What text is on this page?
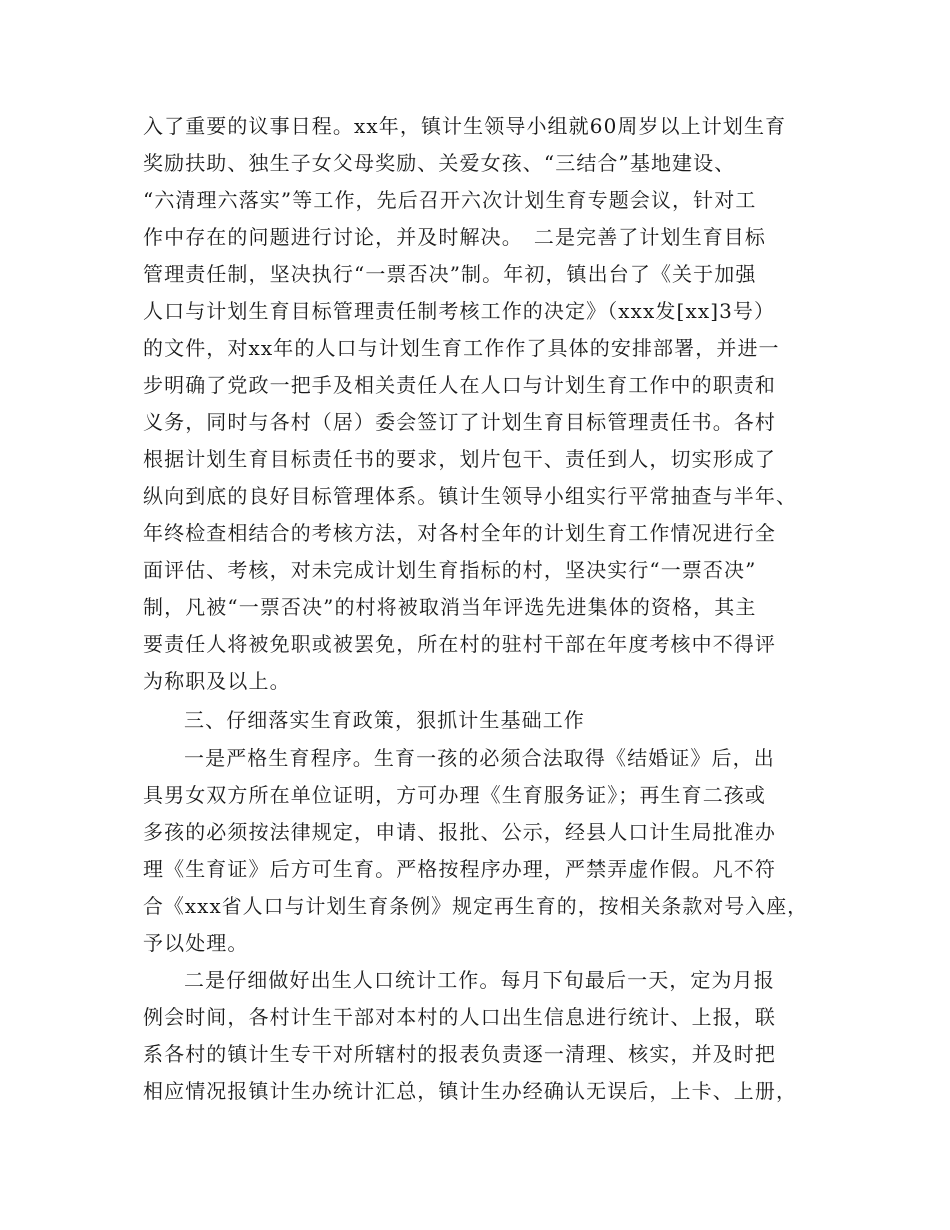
入了重要的议事日程。xx年，镇计生领导小组就60周岁以上计划生育
奖励扶助、独生子女父母奖励、关爱女孩、“三结合”基地建设、
“六清理六落实”等工作，先后召开六次计划生育专题会议，针对工
作中存在的问题进行讨论，并及时解决。　二是完善了计划生育目标
管理责任制，坚决执行“一票否决”制。年初，镇出台了《关于加强
人口与计划生育目标管理责任制考核工作的决定》（xxx发[xx]3号）
的文件，对xx年的人口与计划生育工作作了具体的安排部署，并进一
步明确了党政一把手及相关责任人在人口与计划生育工作中的职责和
义务，同时与各村（居）委会签订了计划生育目标管理责任书。各村
根据计划生育目标责任书的要求，划片包干、责任到人，切实形成了
纵向到底的良好目标管理体系。镇计生领导小组实行平常抽查与半年、
年终检查相结合的考核方法，对各村全年的计划生育工作情况进行全
面评估、考核，对未完成计划生育指标的村，坚决实行“一票否决”
制，凡被“一票否决”的村将被取消当年评选先进集体的资格，其主
要责任人将被免职或被罢免，所在村的驻村干部在年度考核中不得评
为称职及以上。
三、仔细落实生育政策，狠抓计生基础工作
一是严格生育程序。生育一孩的必须合法取得《结婚证》后，出
具男女双方所在单位证明，方可办理《生育服务证》；再生育二孩或
多孩的必须按法律规定，申请、报批、公示，经县人口计生局批准办
理《生育证》后方可生育。严格按程序办理，严禁弄虚作假。凡不符
合《xxx省人口与计划生育条例》规定再生育的，按相关条款对号入座，
予以处理。
二是仔细做好出生人口统计工作。每月下旬最后一天，定为月报
例会时间，各村计生干部对本村的人口出生信息进行统计、上报，联
系各村的镇计生专干对所辖村的报表负责逐一清理、核实，并及时把
相应情况报镇计生办统计汇总，镇计生办经确认无误后，上卡、上册，
